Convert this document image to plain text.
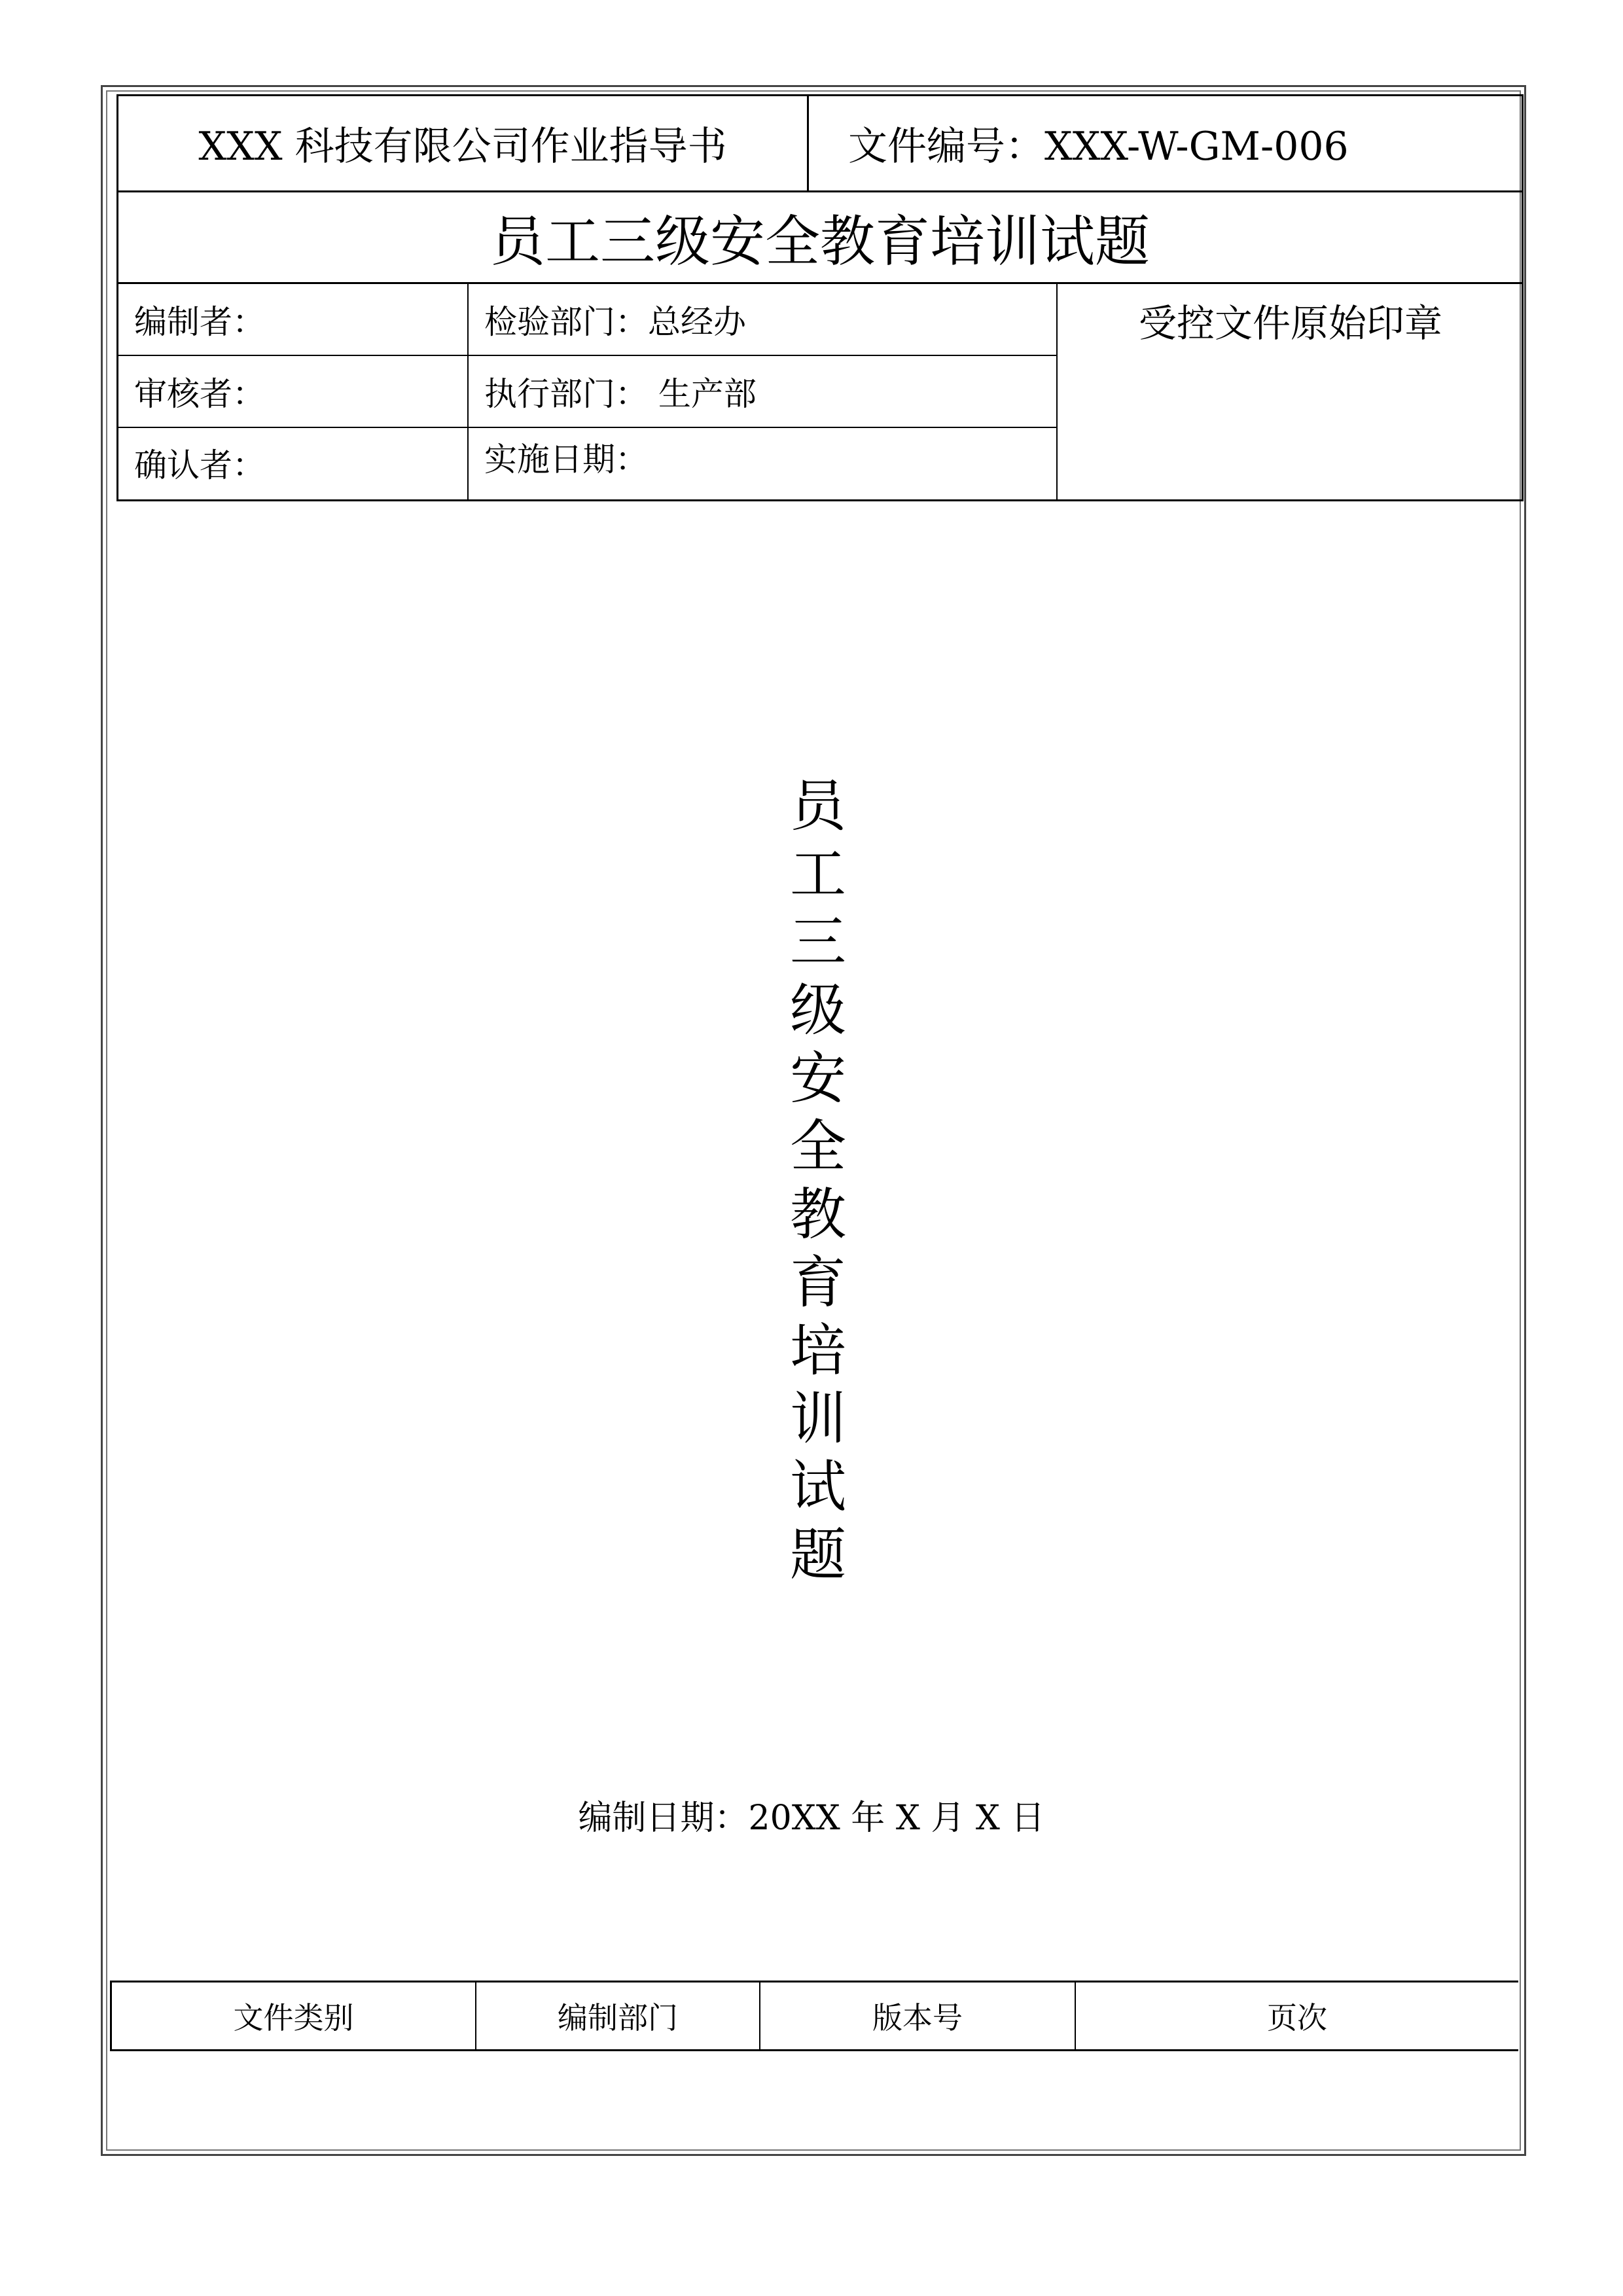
XXX 科技有限公司作业指导书	文件编号：XXX-W-GM-006
员工三级安全教育培训试题
编制者：	检验部门：总经办
审核者：	执行部门： 生产部
确认者：	实施日期：
受控文件原始印章
员
工
三
级
安
全
教
育
培
训
试
题
编制日期：20XX 年 X 月 X 日
文件类别	编制部门	版本号	页次
